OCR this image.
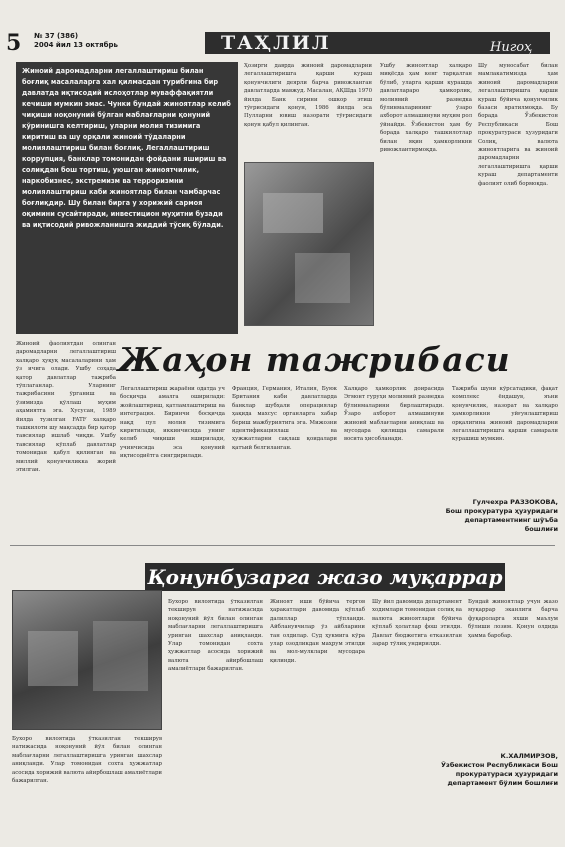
5 № 37 (386)
2004 йил 13 октябрь	ТАҲЛИЛ	Нигоҳ
Жиноий даромадларни легаллаштириш билан боғлиқ масалаларга хал қилмасдан турибгина бир давлатда иқтисодий ислоҳотлар муваффақиятли кечиши мумкин эмас. Чунки бундай жиноятлар келиб чиқиши ноқонуний бўлган маблағларни қонуний кўринишга келтириш, уларни молия тизимига киритиш ва шу орқали жиноий тўдаларни молиялаштириш билан боғлиқ. Легаллаштириш коррупция, банклар томонидан фойдани яшириш ва солиқдан бош тортиш, уюшган жиноятчилик, наркобизнес, экстремизм ва терроризмни молиялаштириш каби жиноятлар билан чамбарчас боғлиқдир. Шу билан бирга у хорижий сармоя оқимини сусайтиради, инвестицион муҳитни бузади ва иқтисодий ривожланишга жиддий тўсиқ бўлади.
Ҳозирги даврда жиноий даромадларни легаллаштиришга қарши кураш қонунчилиги деярли барча ривожланган давлатларда мавжуд. Масалан, АҚШда 1970 йилда Банк сирини ошкор этиш тўғрисидаги қонун, 1986 йилда эса Пулларни ювиш назорати тўғрисидаги қонун қабул қилинган.
Ушбу жиноятлар халқаро миқёсда ҳам кенг тарқалган бўлиб, уларга қарши курашда давлатлараро ҳамкорлик, молиявий разведка бўлинмаларининг ўзаро ахборот алмашинуви муҳим рол ўйнайди. Ўзбекистон ҳам бу борада халқаро ташкилотлар билан яқин ҳамкорликни ривожлантирмоқда.
Шу муносабат билан мамлакатимизда ҳам жиноий даромадларни легаллаштиришга қарши кураш бўйича қонунчилик базаси яратилмоқда. Бу борада Ўзбекистон Республикаси Бош прокуратураси ҳузуридаги Солиқ, валюта жиноятларига ва жиноий даромадларни легаллаштиришга қарши кураш департаменти фаолият олиб бормоқда.
Жиноий фаолиятдан олинган даромадларни легаллаштириш халқаро ҳуқуқ масалаларини ҳам ўз ичига олади. Ушбу соҳада қатор давлатлар тажриба тўплаганлар. Уларнинг тажрибасини ўрганиш ва ўзимизда қўллаш муҳим аҳамиятга эга. Хусусан, 1989 йилда тузилган FATF халқаро ташкилоти шу мақсадда бир қатор тавсиялар ишлаб чиқди. Ушбу тавсиялар кўплаб давлатлар томонидан қабул қилинган ва миллий қонунчиликка жорий этилган.
Жаҳон тажрибаси
Легаллаштириш жараёни одатда уч босқичда амалга оширилади: жойлаштириш, қатламлаштириш ва интеграция. Биринчи босқичда нақд пул молия тизимига киритилади, иккинчисида унинг келиб чиқиши яширилади, учинчисида эса қонуний иқтисодиётга сингдирилади.
Франция, Германия, Италия, Буюк Британия каби давлатларда банклар шубҳали операциялар ҳақида махсус органларга хабар бериш мажбуриятига эга. Мижозни идентификациялаш ва ҳужжатларни сақлаш қоидалари қатъий белгиланган.
Халқаро ҳамкорлик доирасида Эгмонт гуруҳи молиявий разведка бўлинмаларини бирлаштиради. Ўзаро ахборот алмашинуви жиноий маблағларни аниқлаш ва мусодара қилишда самарали восита ҳисобланади.
Тажриба шуни кўрсатадики, фақат комплекс ёндашув, яъни қонунчилик, назорат ва халқаро ҳамкорликни уйғунлаштириш орқалигина жиноий даромадларни легаллаштиришга қарши самарали курашиш мумкин.
Гулчехра РАЗЗОКОВА,
Бош прокуратура ҳузуридаги департаментнинг шўъба бошлиғи
Қонунбузарга жазо муқаррар
Бухоро вилоятида ўтказилган текширув натижасида ноқонуний йўл билан олинган маблағларни легаллаштиришга уринган шахслар аниқланди. Улар томонидан сохта ҳужжатлар асосида хорижий валюта айирбошлаш амалиётлари бажарилган.
Жиноят иши бўйича тергов ҳаракатлари давомида кўплаб далиллар тўпланди. Айбланувчилар ўз айбларини тан олдилар. Суд ҳукмига кўра улар озодликдан маҳрум этилди ва мол-мулклари мусодара қилинди.
Шу йил давомида департамент ходимлари томонидан солиқ ва валюта жиноятлари бўйича кўплаб ҳолатлар фош этилди. Давлат бюджетига етказилган зарар тўлиқ ундирилди.
Бундай жиноятлар учун жазо муқаррар эканлиги барча фуқароларга яхши маълум бўлиши лозим. Қонун олдида ҳамма баробар.
Бухоро вилоятида ўтказилган текширув натижасида ноқонуний йўл билан олинган маблағларни легаллаштиришга уринган шахслар аниқланди. Улар томонидан сохта ҳужжатлар асосида хорижий валюта айирбошлаш амалиётлари бажарилган.
К.ХАЛМИРЗОВ,
Ўзбекистон Республикаси Бош прокуратураси ҳузуридаги департамент бўлим бошлиғи
